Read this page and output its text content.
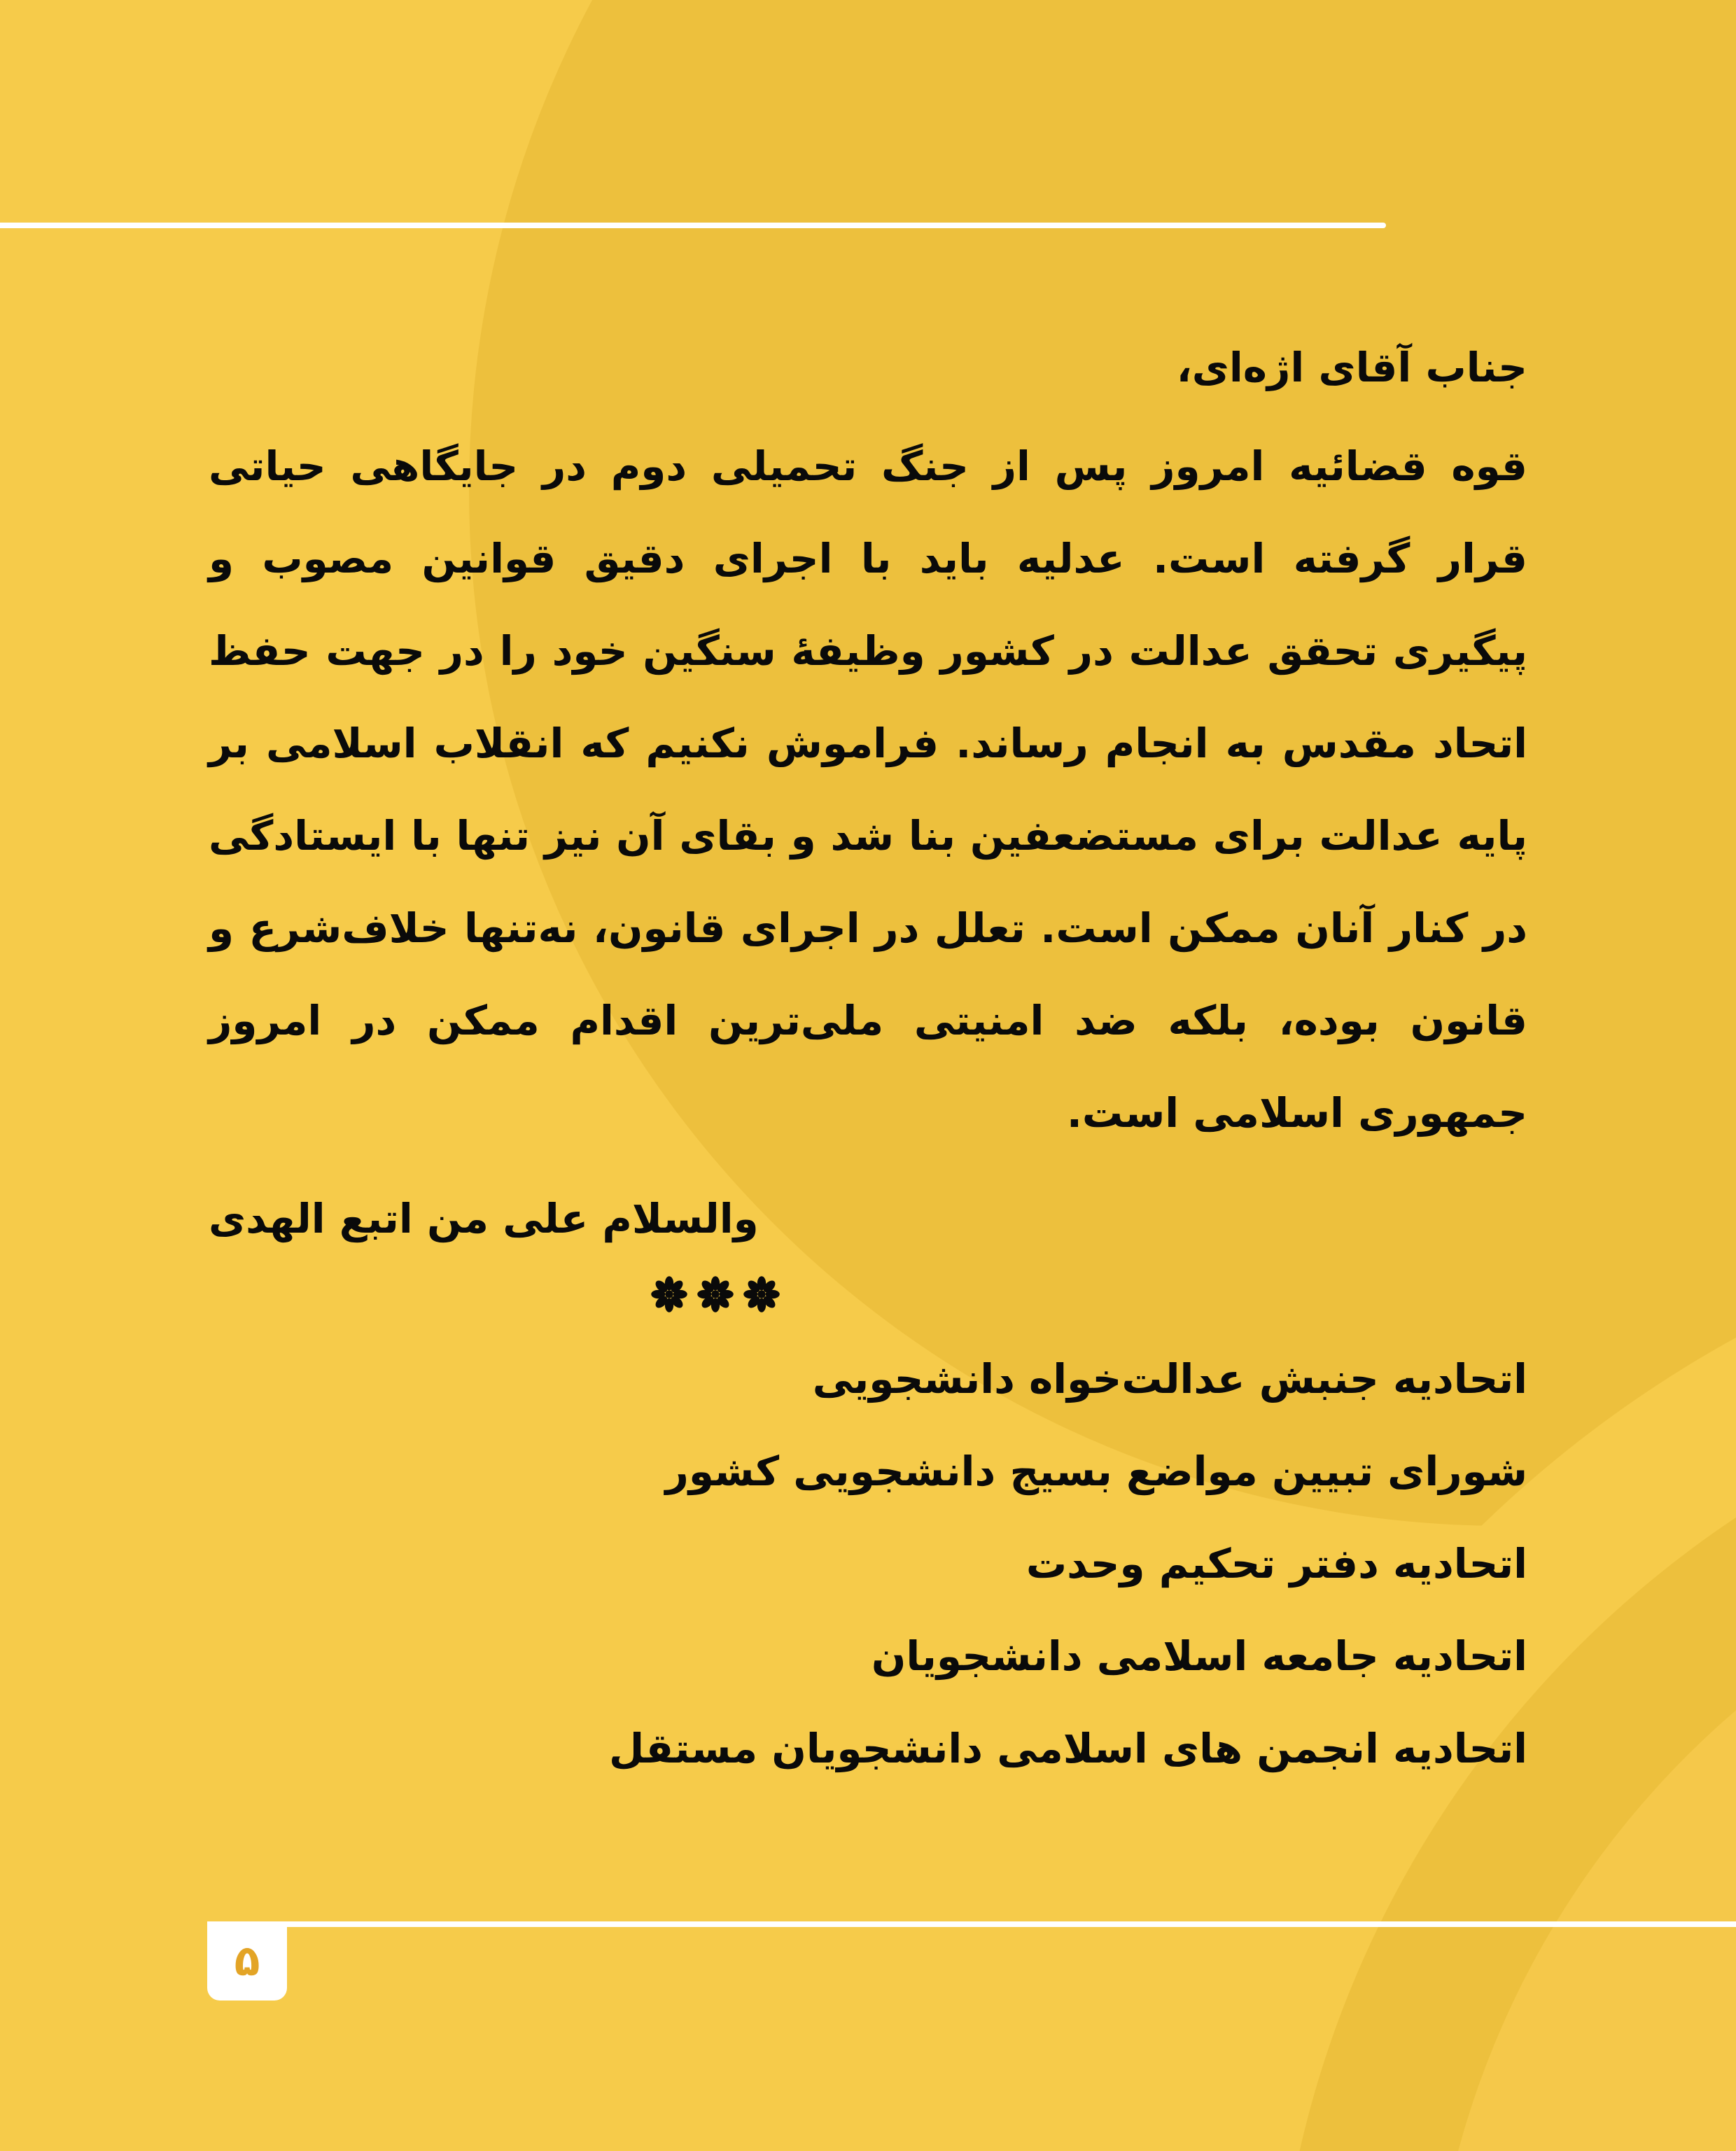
جناب آقای اژه‌ای،

قوه قضائیه امروز پس از جنگ تحمیلی دوم در جایگاهی حیاتی قرار گرفته است. عدلیه باید با اجرای دقیق قوانین مصوب و پیگیری تحقق عدالت در کشور وظیفهٔ سنگین خود را در جهت حفظ اتحاد مقدس به انجام رساند. فراموش نکنیم که انقلاب اسلامی بر پایه عدالت برای مستضعفین بنا شد و بقای آن نیز تنها با ایستادگی در کنار آنان ممکن است. تعلل در اجرای قانون، نه‌تنها خلاف‌شرع و قانون بوده، بلکه ضد امنیتی ملی‌ترین اقدام ممکن در امروز جمهوری اسلامی است.

والسلام علی من اتبع الهدی

اتحادیه جنبش عدالت‌خواه دانشجویی
شورای تبیین مواضع بسیج دانشجویی کشور
اتحادیه دفتر تحکیم وحدت
اتحادیه جامعه اسلامی دانشجویان
اتحادیه انجمن های اسلامی دانشجویان مستقل
۵
